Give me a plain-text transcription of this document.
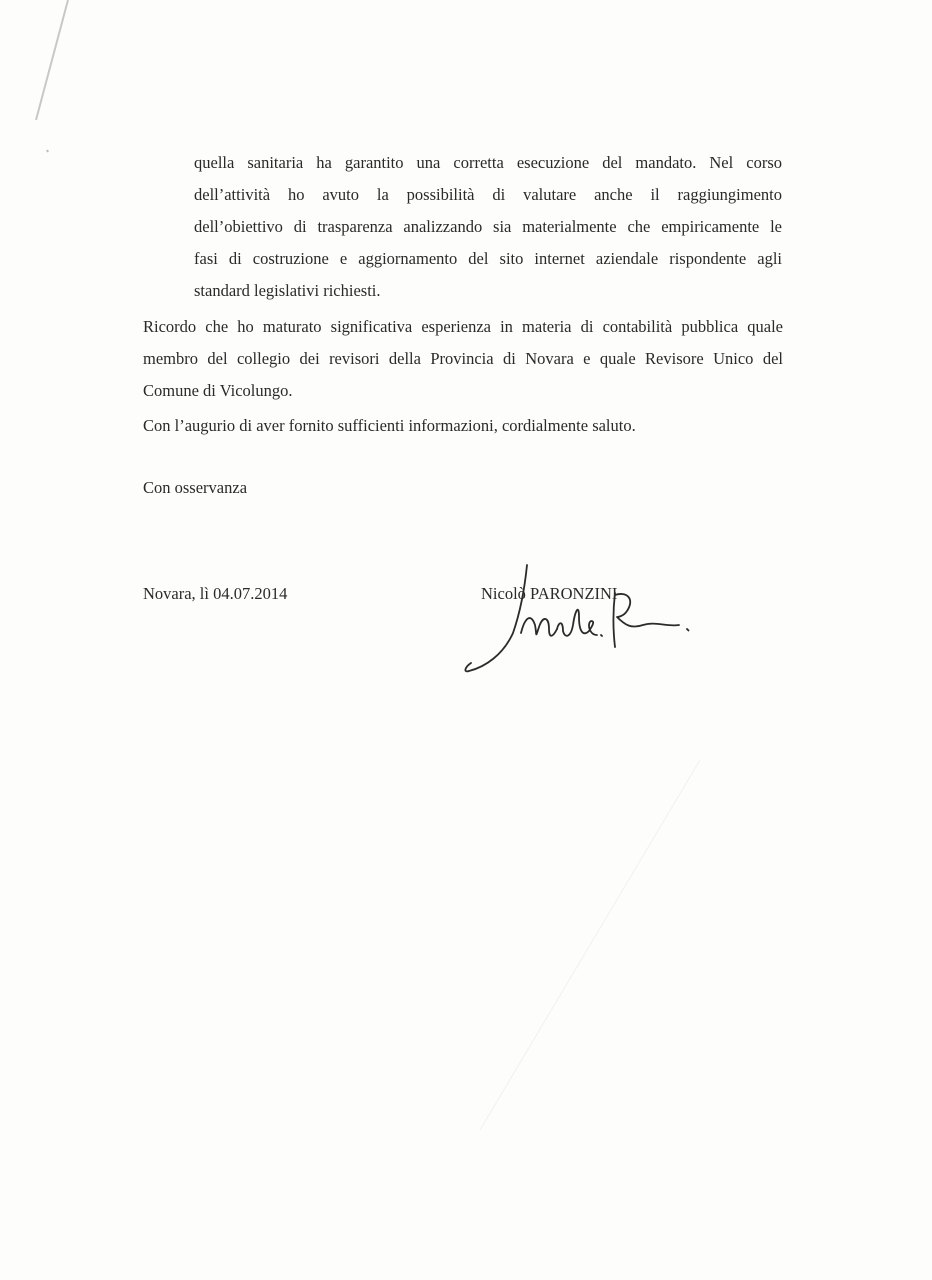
quella sanitaria ha garantito una corretta esecuzione del mandato. Nel corso
dell’attività ho avuto la possibilità di valutare anche il raggiungimento
dell’obiettivo di trasparenza analizzando sia materialmente che empiricamente le
fasi di costruzione e aggiornamento del sito internet aziendale rispondente agli
standard legislativi richiesti.
Ricordo che ho maturato significativa esperienza in materia di contabilità pubblica quale
membro del collegio dei revisori della Provincia di Novara e quale Revisore Unico del
Comune di Vicolungo.

Con l’augurio di aver fornito sufficienti informazioni, cordialmente saluto.

Con osservanza

Novara, lì 04.07.2014	Nicolò PARONZINI
